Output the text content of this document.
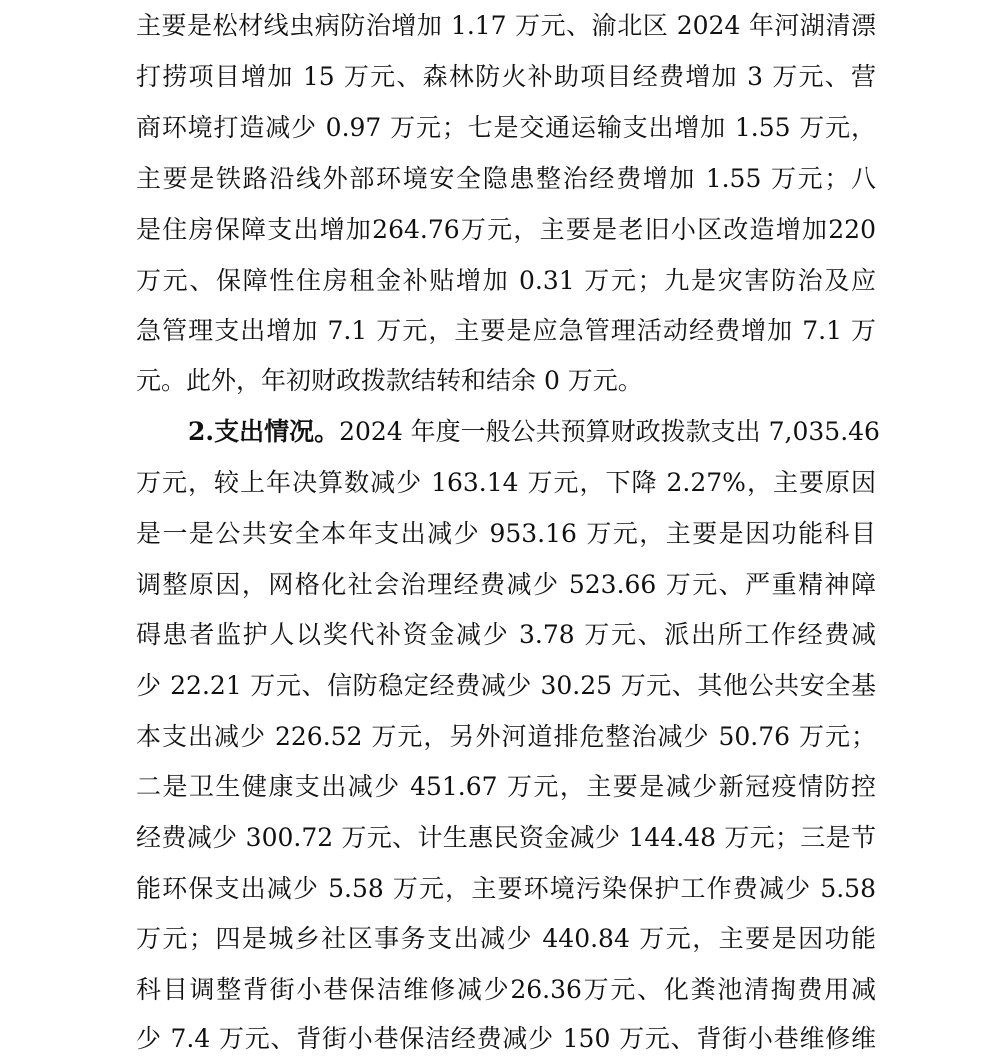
主要是松材线虫病防治增加 1.17 万元、渝北区 2024 年河湖清漂
打捞项目增加 15 万元、森林防火补助项目经费增加 3 万元、营
商环境打造减少 0.97 万元；七是交通运输支出增加 1.55 万元，
主要是铁路沿线外部环境安全隐患整治经费增加 1.55 万元；八
是住房保障支出增加264.76万元，主要是老旧小区改造增加220
万元、保障性住房租金补贴增加 0.31 万元；九是灾害防治及应
急管理支出增加 7.1 万元，主要是应急管理活动经费增加 7.1 万
元。此外，年初财政拨款结转和结余 0 万元。
2.支出情况。2024 年度一般公共预算财政拨款支出 7,035.46
万元，较上年决算数减少 163.14 万元，下降 2.27%，主要原因
是一是公共安全本年支出减少 953.16 万元，主要是因功能科目
调整原因，网格化社会治理经费减少 523.66 万元、严重精神障
碍患者监护人以奖代补资金减少 3.78 万元、派出所工作经费减
少 22.21 万元、信防稳定经费减少 30.25 万元、其他公共安全基
本支出减少 226.52 万元，另外河道排危整治减少 50.76 万元；
二是卫生健康支出减少 451.67 万元，主要是减少新冠疫情防控
经费减少 300.72 万元、计生惠民资金减少 144.48 万元；三是节
能环保支出减少 5.58 万元，主要环境污染保护工作费减少 5.58
万元；四是城乡社区事务支出减少 440.84 万元，主要是因功能
科目调整背街小巷保洁维修减少26.36万元、化粪池清掏费用减
少 7.4 万元、背街小巷保洁经费减少 150 万元、背街小巷维修维
